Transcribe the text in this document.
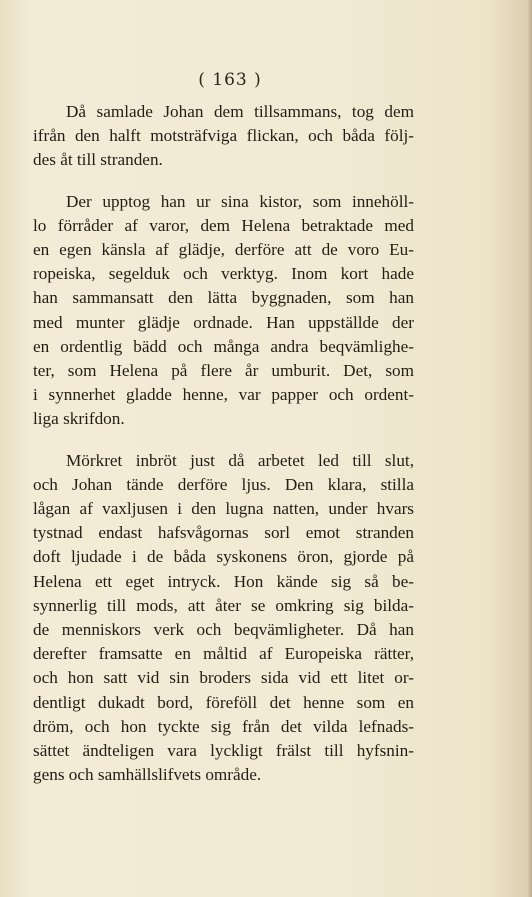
( 163 )
Då samlade Johan dem tillsammans, tog dem
ifrån den halft motsträfviga flickan, och båda följ-
des åt till stranden.
Der upptog han ur sina kistor, som innehöll-
lo förråder af varor, dem Helena betraktade med
en egen känsla af glädje, derföre att de voro Eu-
ropeiska, segelduk och verktyg. Inom kort hade
han sammansatt den lätta byggnaden, som han
med munter glädje ordnade. Han uppställde der
en ordentlig bädd och många andra beqvämlighe-
ter, som Helena på flere år umburit. Det, som
i synnerhet gladde henne, var papper och ordent-
liga skrifdon.
Mörkret inbröt just då arbetet led till slut,
och Johan tände derföre ljus. Den klara, stilla
lågan af vaxljusen i den lugna natten, under hvars
tystnad endast hafsvågornas sorl emot stranden
doft ljudade i de båda syskonens öron, gjorde på
Helena ett eget intryck. Hon kände sig så be-
synnerlig till mods, att åter se omkring sig bilda-
de menniskors verk och beqvämligheter. Då han
derefter framsatte en måltid af Europeiska rätter,
och hon satt vid sin broders sida vid ett litet or-
dentligt dukadt bord, föreföll det henne som en
dröm, och hon tyckte sig från det vilda lefnads-
sättet ändteligen vara lyckligt frälst till hyfsnin-
gens och samhällslifvets område.
